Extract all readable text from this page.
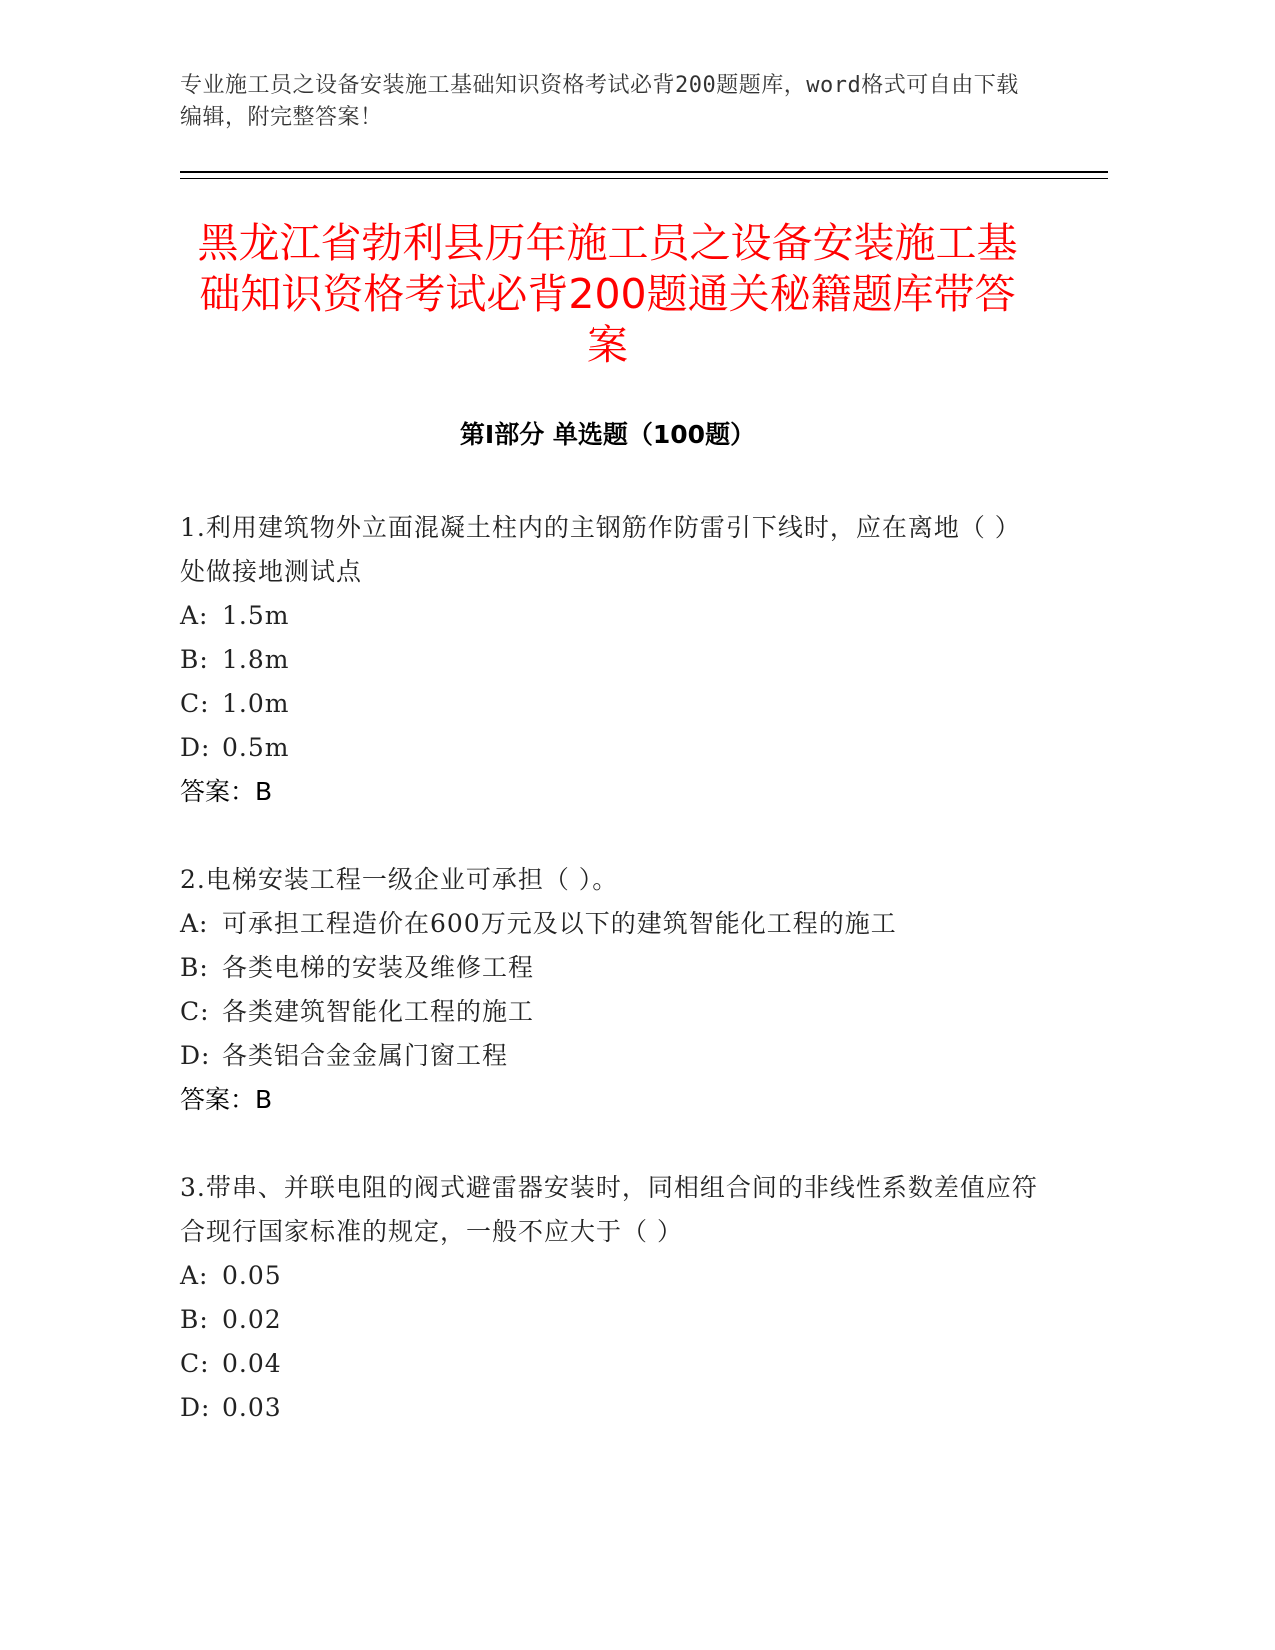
专业施工员之设备安装施工基础知识资格考试必背200题题库，word格式可自由下载编辑，附完整答案！
黑龙江省勃利县历年施工员之设备安装施工基础知识资格考试必背200题通关秘籍题库带答案
第Ⅰ部分 单选题（100题）
1.利用建筑物外立面混凝土柱内的主钢筋作防雷引下线时，应在离地（ ）处做接地测试点
A: 1.5m
B: 1.8m
C: 1.0m
D: 0.5m
答案：B
2.电梯安装工程一级企业可承担（ ）。
A: 可承担工程造价在600万元及以下的建筑智能化工程的施工
B: 各类电梯的安装及维修工程
C: 各类建筑智能化工程的施工
D: 各类铝合金金属门窗工程
答案：B
3.带串、并联电阻的阀式避雷器安装时，同相组合间的非线性系数差值应符合现行国家标准的规定，一般不应大于（ ）
A: 0.05
B: 0.02
C: 0.04
D: 0.03
